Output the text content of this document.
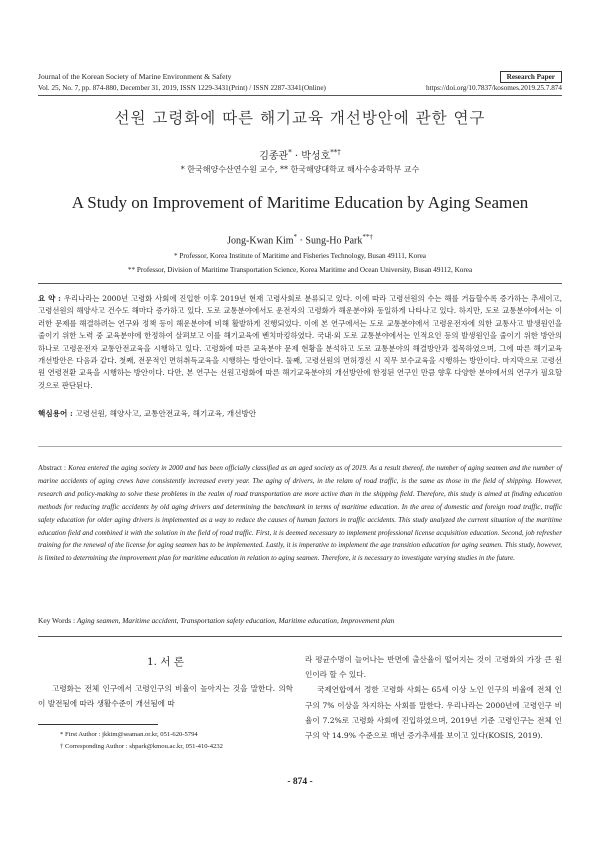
Journal of the Korean Society of Marine Environment & Safety	Research Paper
Vol. 25, No. 7, pp. 874-880, December 31, 2019, ISSN 1229-3431(Print) / ISSN 2287-3341(Online)	https://doi.org/10.7837/kosomes.2019.25.7.874
선원 고령화에 따른 해기교육 개선방안에 관한 연구
김종관* · 박성호**†
* 한국해양수산연수원 교수, ** 한국해양대학교 해사수송과학부 교수
A Study on Improvement of Maritime Education by Aging Seamen
Jong-Kwan Kim* · Sung-Ho Park**†
* Professor, Korea Institute of Maritime and Fisheries Technology, Busan 49111, Korea
** Professor, Division of Maritime Transportation Science, Korea Maritime and Ocean University, Busan 49112, Korea
요 약 : 우리나라는 2000년 고령화 사회에 진입한 이후 2019년 현재 고령사회로 분류되고 있다. 이에 따라 고령선원의 수는 해를 거듭할수록 증가하는 추세이고, 고령선원의 해양사고 건수도 해마다 증가하고 있다. 도로 교통분야에서도 운전자의 고령화가 해운분야와 동일하게 나타나고 있다. 하지만, 도로 교통분야에서는 이러한 문제를 해결하려는 연구와 정책 등이 해운분야에 비해 활발하게 진행되었다. 이에 본 연구에서는 도로 교통분야에서 고령운전자에 의한 교통사고 발생원인을 줄이기 위한 노력 중 교육분야에 한정하여 살펴보고 이를 해기교육에 벤치마킹하였다. 국내·외 도로 교통분야에서는 인적요인 등의 발생원인을 줄이기 위한 방안의 하나로 고령운전자 교통안전교육을 시행하고 있다. 고령화에 따른 교육분야 문제 현황을 분석하고 도로 교통분야의 해결방안과 접목하였으며, 그에 따른 해기교육 개선방안은 다음과 같다. 첫째, 전문적인 면허취득교육을 시행하는 방안이다. 둘째, 고령선원의 면허갱신 시 직무 보수교육을 시행하는 방안이다. 마지막으로 고령선원 연령전환 교육을 시행하는 방안이다. 다만, 본 연구는 선원고령화에 따른 해기교육분야의 개선방안에 한정된 연구인 만큼 향후 다양한 분야에서의 연구가 필요할 것으로 판단된다.
핵심용어 : 고령선원, 해양사고, 교통안전교육, 해기교육, 개선방안
Abstract : Korea entered the aging society in 2000 and has been officially classified as an aged society as of 2019. As a result thereof, the number of aging seamen and the number of marine accidents of aging crews have consistently increased every year. The aging of drivers, in the relam of road traffic, is the same as those in the field of shipping. However, research and policy-making to solve these problems in the realm of road transportation are more active than in the shipping field. Therefore, this study is aimed at finding education methods for reducing traffic accidents by old aging drivers and determining the benchmark in terms of maritime education. In the area of domestic and foreign road traffic, traffic safety education for older aging drivers is implemented as a way to reduce the causes of human factors in traffic accidents. This study analyzed the current situation of the maritime education field and combined it with the solution in the field of road traffic. First, it is deemed necessary to implement professional license acquisition education. Second, job refresher training for the renewal of the license for aging seamen has to be implemented. Lastly, it is imperative to implement the age transition education for aging seamen. This study, however, is limited to determining the improvement plan for maritime education in relation to aging seamen. Therefore, it is necessary to investigate varying studies in the future.
Key Words : Aging seamen, Maritime accident, Transportation safety education, Maritime education, Improvement plan
1. 서 론
고령화는 전체 인구에서 고령인구의 비율이 높아지는 것을 말한다. 의학이 발전됨에 따라 생활수준이 개선됨에 따
* First Author : jkkim@seaman.or.kr, 051-620-5794
† Corresponding Author : shpark@kmou.ac.kr, 051-410-4232

라 평균수명이 늘어나는 반면에 출산율이 떨어지는 것이 고령화의 가장 큰 원인이라 할 수 있다.

국제연합에서 정한 고령화 사회는 65세 이상 노인 인구의 비율에 전체 인구의 7% 이상을 차지하는 사회를 말한다. 우리나라는 2000년에 고령인구 비율이 7.2%로 고령화 사회에 진입하였으며, 2019년 기준 고령인구는 전체 인구의 약 14.9% 수준으로 매년 증가추세를 보이고 있다(KOSIS, 2019).

- 874 -
